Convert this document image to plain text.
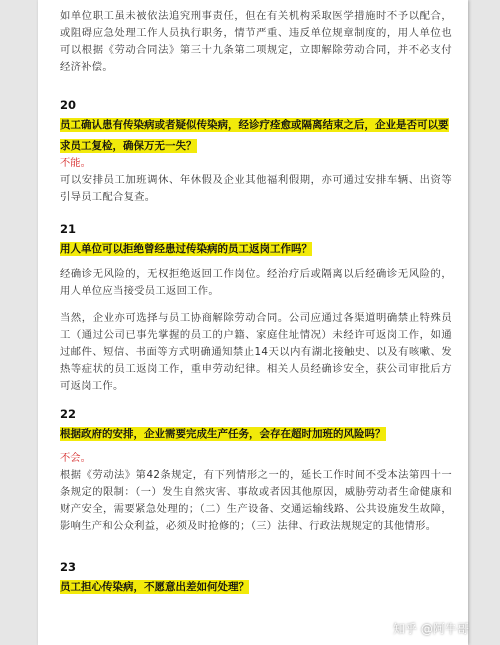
如单位职工虽未被依法追究刑事责任，但在有关机构采取医学措施时不予以配合，或阻碍应急处理工作人员执行职务，情节严重、违反单位规章制度的，用人单位也可以根据《劳动合同法》第三十九条第二项规定，立即解除劳动合同，并不必支付经济补偿。

20

员工确认患有传染病或者疑似传染病，经诊疗痊愈或隔离结束之后，企业是否可以要求员工复检，确保万无一失？

不能。

可以安排员工加班调休、年休假及企业其他福利假期，亦可通过安排车辆、出资等引导员工配合复查。

21

用人单位可以拒绝曾经患过传染病的员工返岗工作吗？

经确诊无风险的，无权拒绝返回工作岗位。经治疗后或隔离以后经确诊无风险的，用人单位应当接受员工返回工作。

当然，企业亦可选择与员工协商解除劳动合同。公司应通过各渠道明确禁止特殊员工（通过公司已事先掌握的员工的户籍、家庭住址情况）未经许可返岗工作，如通过邮件、短信、书面等方式明确通知禁止14天以内有湖北接触史、以及有咳嗽、发热等症状的员工返岗工作，重申劳动纪律。相关人员经确诊安全，获公司审批后方可返岗工作。

22

根据政府的安排，企业需要完成生产任务，会存在超时加班的风险吗？

不会。

根据《劳动法》第42条规定，有下列情形之一的，延长工作时间不受本法第四十一条规定的限制：（一）发生自然灾害、事故或者因其他原因，威胁劳动者生命健康和财产安全，需要紧急处理的；（二）生产设备、交通运输线路、公共设施发生故障，影响生产和公众利益，必须及时抢修的；（三）法律、行政法规规定的其他情形。

23

员工担心传染病，不愿意出差如何处理？

知乎 @阿牛哥
